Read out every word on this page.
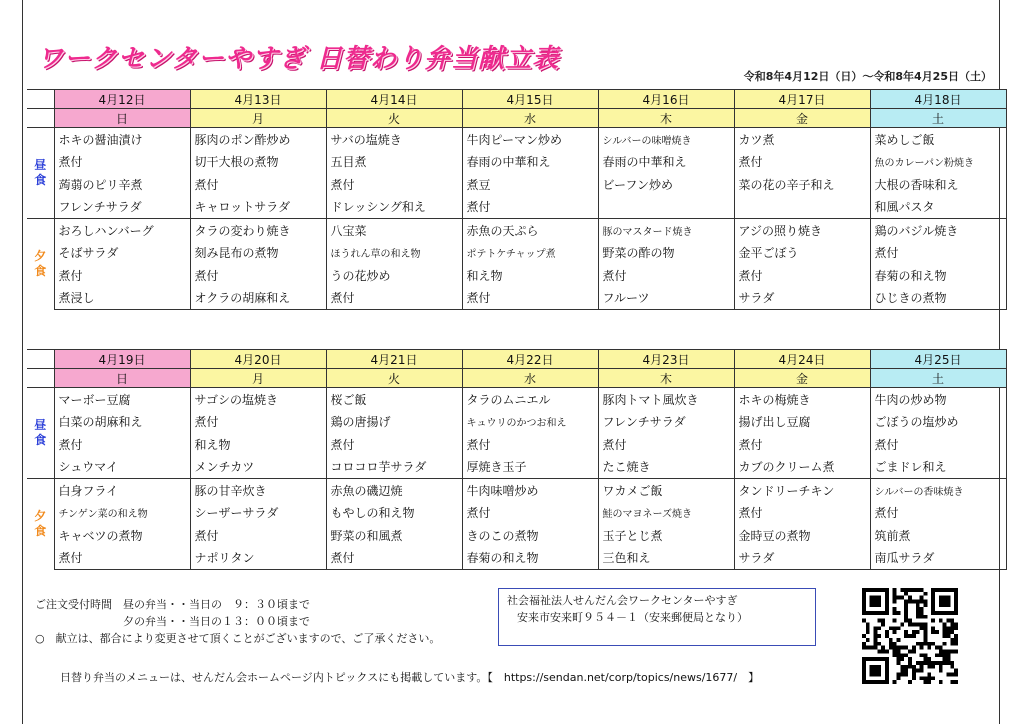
ワークセンターやすぎ 日替わり弁当献立表
令和8年4月12日（日）～令和8年4月25日（土）
	4月12日	4月13日	4月14日	4月15日	4月16日	4月17日	4月18日
	日	月	火	水	木	金	土

昼
食	ホキの醤油漬け	豚肉のポン酢炒め	サバの塩焼き	牛肉ピーマン炒め	シルバーの味噌焼き	カツ煮	菜めしご飯
	煮付	切干大根の煮物	五目煮	春雨の中華和え	春雨の中華和え	煮付	魚のカレーパン粉焼き
	蒟蒻のピリ辛煮	煮付	煮付	煮豆	ビーフン炒め	菜の花の辛子和え	大根の香味和え
	フレンチサラダ	キャロットサラダ	ドレッシング和え	煮付			和風パスタ

夕
食	おろしハンバーグ	タラの変わり焼き	八宝菜	赤魚の天ぷら	豚のマスタード焼き	アジの照り焼き	鶏のバジル焼き
	そばサラダ	刻み昆布の煮物	ほうれん草の和え物	ポテトケチャップ煮	野菜の酢の物	金平ごぼう	煮付
	煮付	煮付	うの花炒め	和え物	煮付	煮付	春菊の和え物
	煮浸し	オクラの胡麻和え	煮付	煮付	フルーツ	サラダ	ひじきの煮物
	4月19日	4月20日	4月21日	4月22日	4月23日	4月24日	4月25日
	日	月	火	水	木	金	土

昼
食	マーボー豆腐	サゴシの塩焼き	桜ご飯	タラのムニエル	豚肉トマト風炊き	ホキの梅焼き	牛肉の炒め物
	白菜の胡麻和え	煮付	鶏の唐揚げ	キュウリのかつお和え	フレンチサラダ	揚げ出し豆腐	ごぼうの塩炒め
	煮付	和え物	煮付	煮付	煮付	煮付	煮付
	シュウマイ	メンチカツ	コロコロ芋サラダ	厚焼き玉子	たこ焼き	カブのクリーム煮	ごまドレ和え

夕
食	白身フライ	豚の甘辛炊き	赤魚の磯辺焼	牛肉味噌炒め	ワカメご飯	タンドリーチキン	シルバーの香味焼き
	チンゲン菜の和え物	シーザーサラダ	もやしの和え物	煮付	鮭のマヨネーズ焼き	煮付	煮付
	キャベツの煮物	煮付	野菜の和風煮	きのこの煮物	玉子とじ煮	金時豆の煮物	筑前煮
	煮付	ナポリタン	煮付	春菊の和え物	三色和え	サラダ	南瓜サラダ
ご注文受付時間　昼の弁当・・当日の　９：３０頃まで
　　　　　　　　夕の弁当・・当日の１３：００頃まで
○　献立は、都合により変更させて頂くことがございますので、ご了承ください。
社会福祉法人せんだん会ワークセンターやすぎ
安来市安来町９５４－１（安来郵便局となり）
日替り弁当のメニューは、せんだん会ホームページ内トピックスにも掲載しています。【　https://sendan.net/corp/topics/news/1677/　】
